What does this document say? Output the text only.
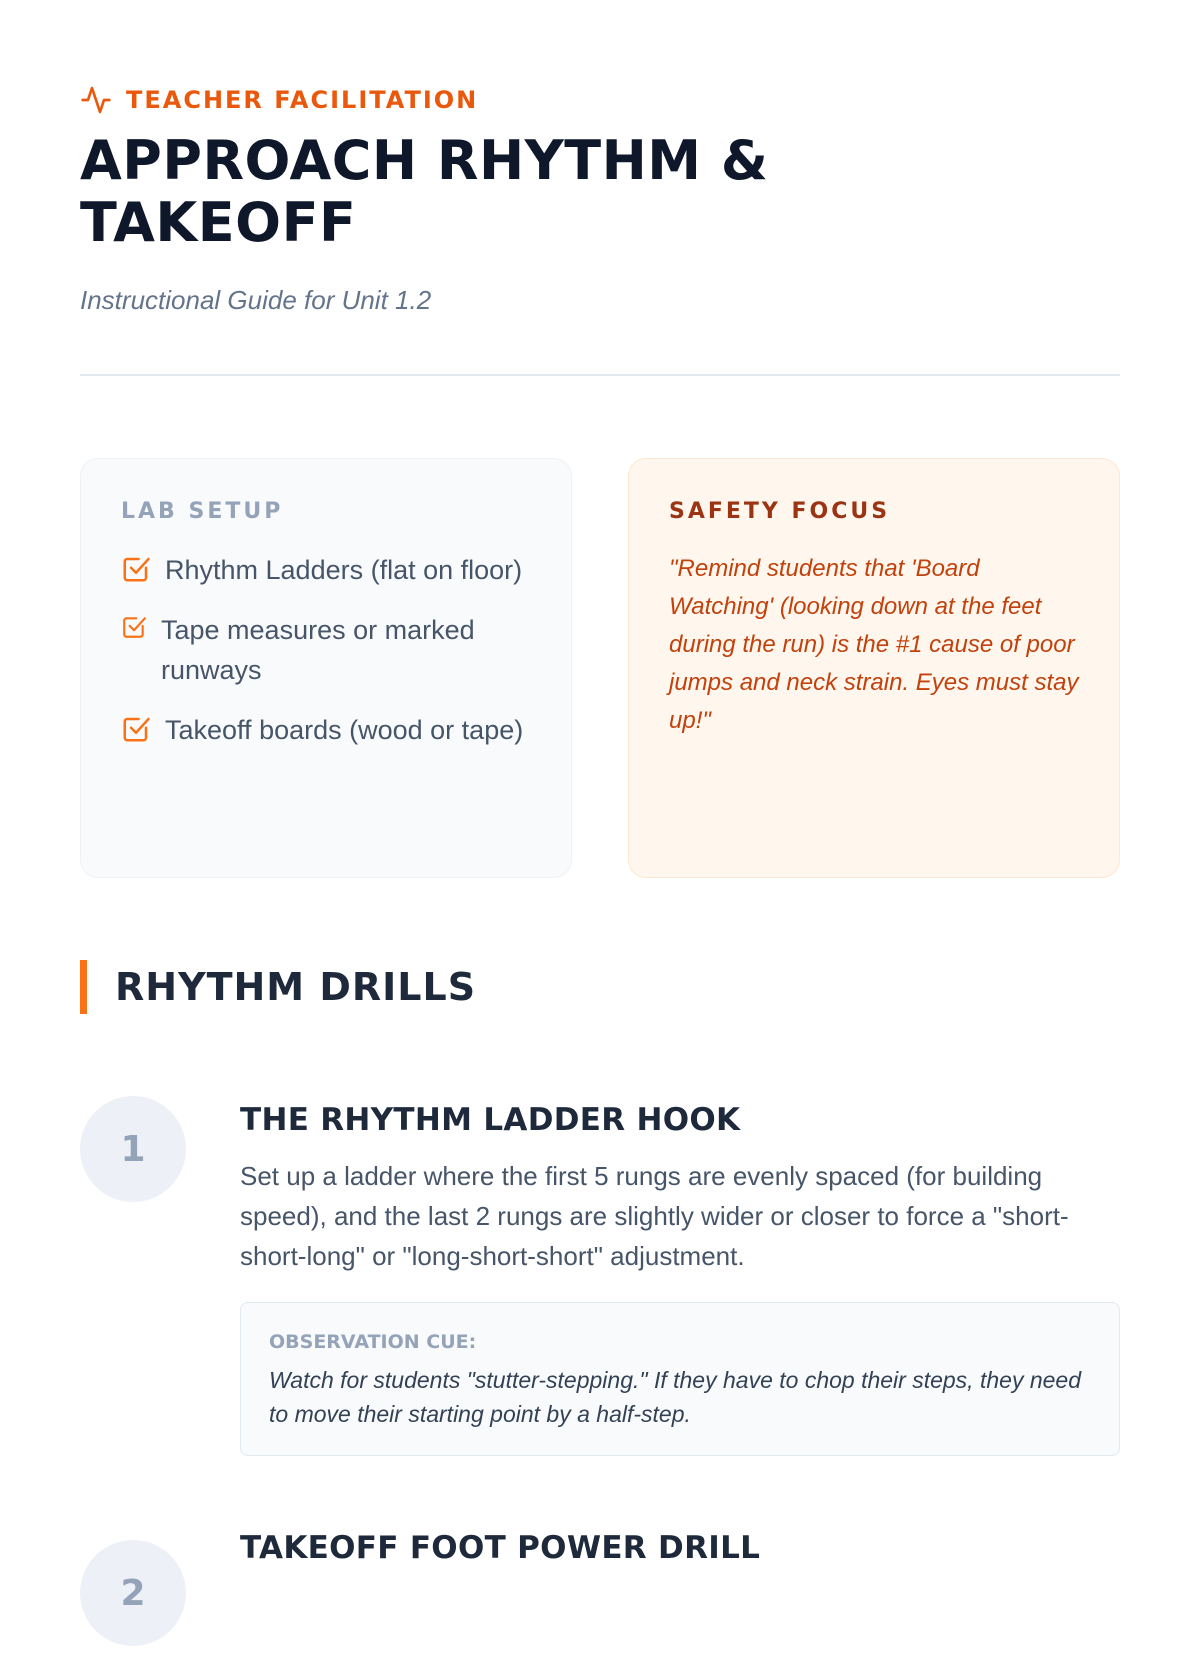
TEACHER FACILITATION
APPROACH RHYTHM & TAKEOFF
Instructional Guide for Unit 1.2
LAB SETUP
Rhythm Ladders (flat on floor)
Tape measures or marked runways
Takeoff boards (wood or tape)
SAFETY FOCUS

"Remind students that 'Board Watching' (looking down at the feet during the run) is the #1 cause of poor jumps and neck strain. Eyes must stay up!"

RHYTHM DRILLS
1
THE RHYTHM LADDER HOOK

Set up a ladder where the first 5 rungs are evenly spaced (for building speed), and the last 2 rungs are slightly wider or closer to force a "short-short-long" or "long-short-short" adjustment.

OBSERVATION CUE:

Watch for students "stutter-stepping." If they have to chop their steps, they need to move their starting point by a half-step.

2
TAKEOFF FOOT POWER DRILL
